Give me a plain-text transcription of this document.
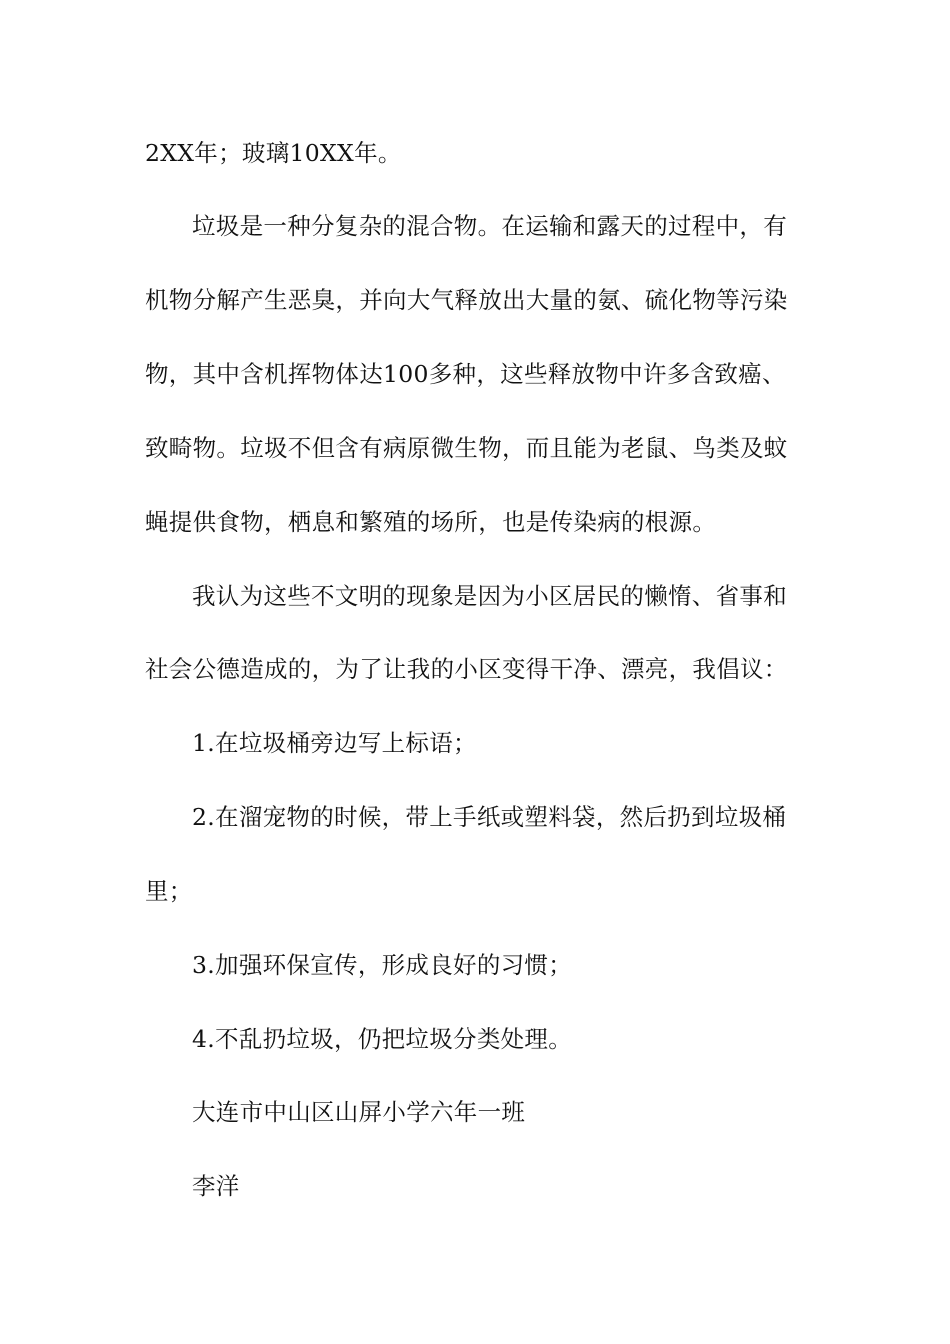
2XX年；玻璃10XX年。
垃圾是一种分复杂的混合物。在运输和露天的过程中，有
机物分解产生恶臭，并向大气释放出大量的氨、硫化物等污染
物，其中含机挥物体达100多种，这些释放物中许多含致癌、
致畸物。垃圾不但含有病原微生物，而且能为老鼠、鸟类及蚊
蝇提供食物，栖息和繁殖的场所，也是传染病的根源。
我认为这些不文明的现象是因为小区居民的懒惰、省事和
社会公德造成的，为了让我的小区变得干净、漂亮，我倡议：
1.在垃圾桶旁边写上标语；
2.在溜宠物的时候，带上手纸或塑料袋，然后扔到垃圾桶
里；
3.加强环保宣传，形成良好的习惯；
4.不乱扔垃圾，仍把垃圾分类处理。
大连市中山区山屏小学六年一班
李洋
